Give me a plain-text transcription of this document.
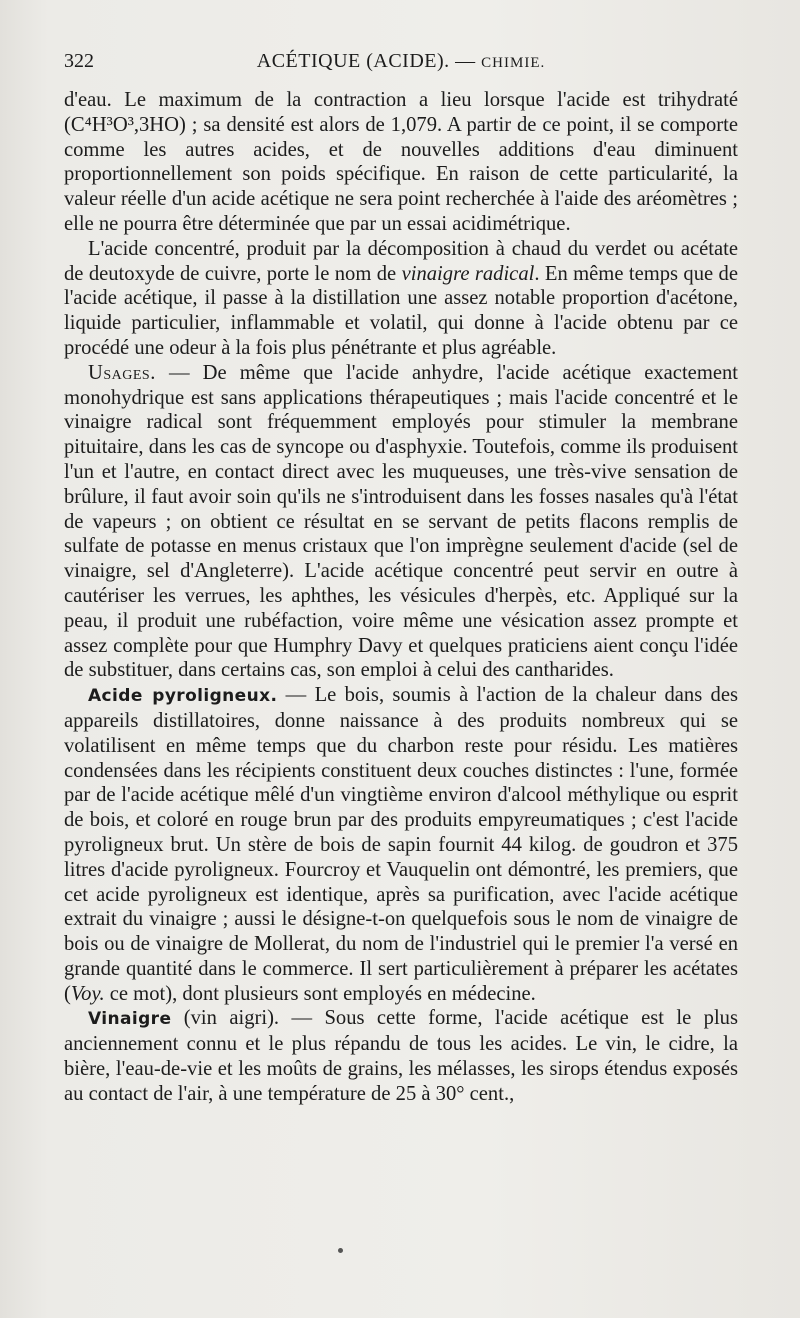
322	ACÉTIQUE (ACIDE). — CHIMIE.

d'eau. Le maximum de la contraction a lieu lorsque l'acide est trihydraté (C⁴H³O³,3HO) ; sa densité est alors de 1,079. A partir de ce point, il se comporte comme les autres acides, et de nouvelles additions d'eau diminuent proportionnellement son poids spécifique. En raison de cette particularité, la valeur réelle d'un acide acétique ne sera point recherchée à l'aide des aréomètres ; elle ne pourra être déterminée que par un essai acidimétrique.

L'acide concentré, produit par la décomposition à chaud du verdet ou acétate de deutoxyde de cuivre, porte le nom de vinaigre radical. En même temps que de l'acide acétique, il passe à la distillation une assez notable proportion d'acétone, liquide particulier, inflammable et volatil, qui donne à l'acide obtenu par ce procédé une odeur à la fois plus pénétrante et plus agréable.

Usages. — De même que l'acide anhydre, l'acide acétique exactement monohydrique est sans applications thérapeutiques ; mais l'acide concentré et le vinaigre radical sont fréquemment employés pour stimuler la membrane pituitaire, dans les cas de syncope ou d'asphyxie. Toutefois, comme ils produisent l'un et l'autre, en contact direct avec les muqueuses, une très-vive sensation de brûlure, il faut avoir soin qu'ils ne s'introduisent dans les fosses nasales qu'à l'état de vapeurs ; on obtient ce résultat en se servant de petits flacons remplis de sulfate de potasse en menus cristaux que l'on imprègne seulement d'acide (sel de vinaigre, sel d'Angleterre). L'acide acétique concentré peut servir en outre à cautériser les verrues, les aphthes, les vésicules d'herpès, etc. Appliqué sur la peau, il produit une rubéfaction, voire même une vésication assez prompte et assez complète pour que Humphry Davy et quelques praticiens aient conçu l'idée de substituer, dans certains cas, son emploi à celui des cantharides.

Acide pyroligneux. — Le bois, soumis à l'action de la chaleur dans des appareils distillatoires, donne naissance à des produits nombreux qui se volatilisent en même temps que du charbon reste pour résidu. Les matières condensées dans les récipients constituent deux couches distinctes : l'une, formée par de l'acide acétique mêlé d'un vingtième environ d'alcool méthylique ou esprit de bois, et coloré en rouge brun par des produits empyreumatiques ; c'est l'acide pyroligneux brut. Un stère de bois de sapin fournit 44 kilog. de goudron et 375 litres d'acide pyroligneux. Fourcroy et Vauquelin ont démontré, les premiers, que cet acide pyroligneux est identique, après sa purification, avec l'acide acétique extrait du vinaigre ; aussi le désigne-t-on quelquefois sous le nom de vinaigre de bois ou de vinaigre de Mollerat, du nom de l'industriel qui le premier l'a versé en grande quantité dans le commerce. Il sert particulièrement à préparer les acétates (Voy. ce mot), dont plusieurs sont employés en médecine.

Vinaigre (vin aigri). — Sous cette forme, l'acide acétique est le plus anciennement connu et le plus répandu de tous les acides. Le vin, le cidre, la bière, l'eau-de-vie et les moûts de grains, les mélasses, les sirops étendus exposés au contact de l'air, à une température de 25 à 30° cent.,
